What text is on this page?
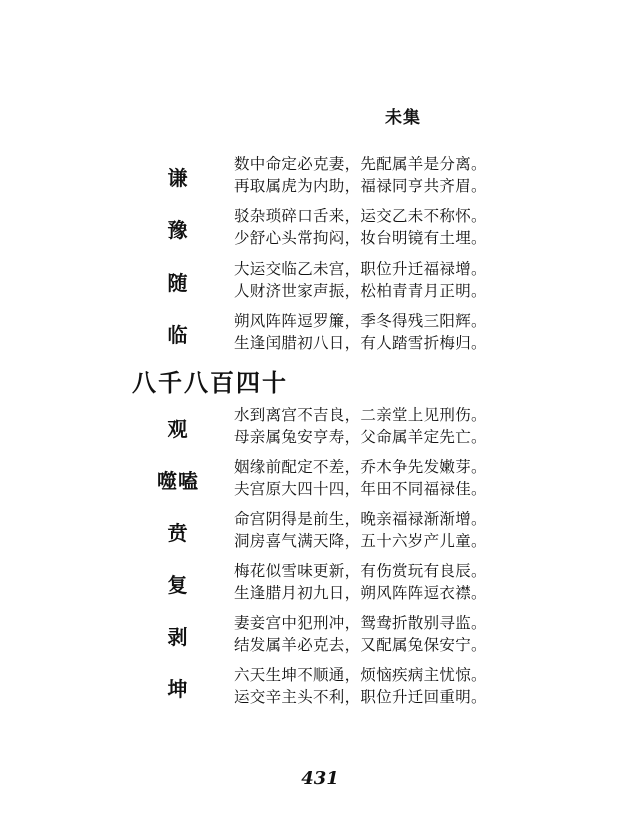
未集
谦
数中命定必克妻，先配属羊是分离。
再取属虎为内助，福禄同亨共齐眉。
豫
驳杂琐碎口舌来，运交乙未不称怀。
少舒心头常拘闷，妆台明镜有土埋。
随
大运交临乙未宫，职位升迁福禄增。
人财济世家声振，松柏青青月正明。
临
朔风阵阵逗罗簾，季冬得残三阳辉。
生逢闰腊初八日，有人踏雪折梅归。
八千八百四十
观
水到离宫不吉良，二亲堂上见刑伤。
母亲属兔安亨寿，父命属羊定先亡。
噬嗑
姻缘前配定不差，乔木争先发嫩芽。
夫宫原大四十四，年田不同福禄佳。
贲
命宫阴得是前生，晚亲福禄渐渐增。
洞房喜气满天降，五十六岁产儿童。
复
梅花似雪味更新，有伤赏玩有良辰。
生逢腊月初九日，朔风阵阵逗衣襟。
剥
妻妾宫中犯刑冲，鸳鸯折散别寻监。
结发属羊必克去，又配属兔保安宁。
坤
六天生坤不顺通，烦恼疾病主忧惊。
运交辛主头不利，职位升迁回重明。
431
